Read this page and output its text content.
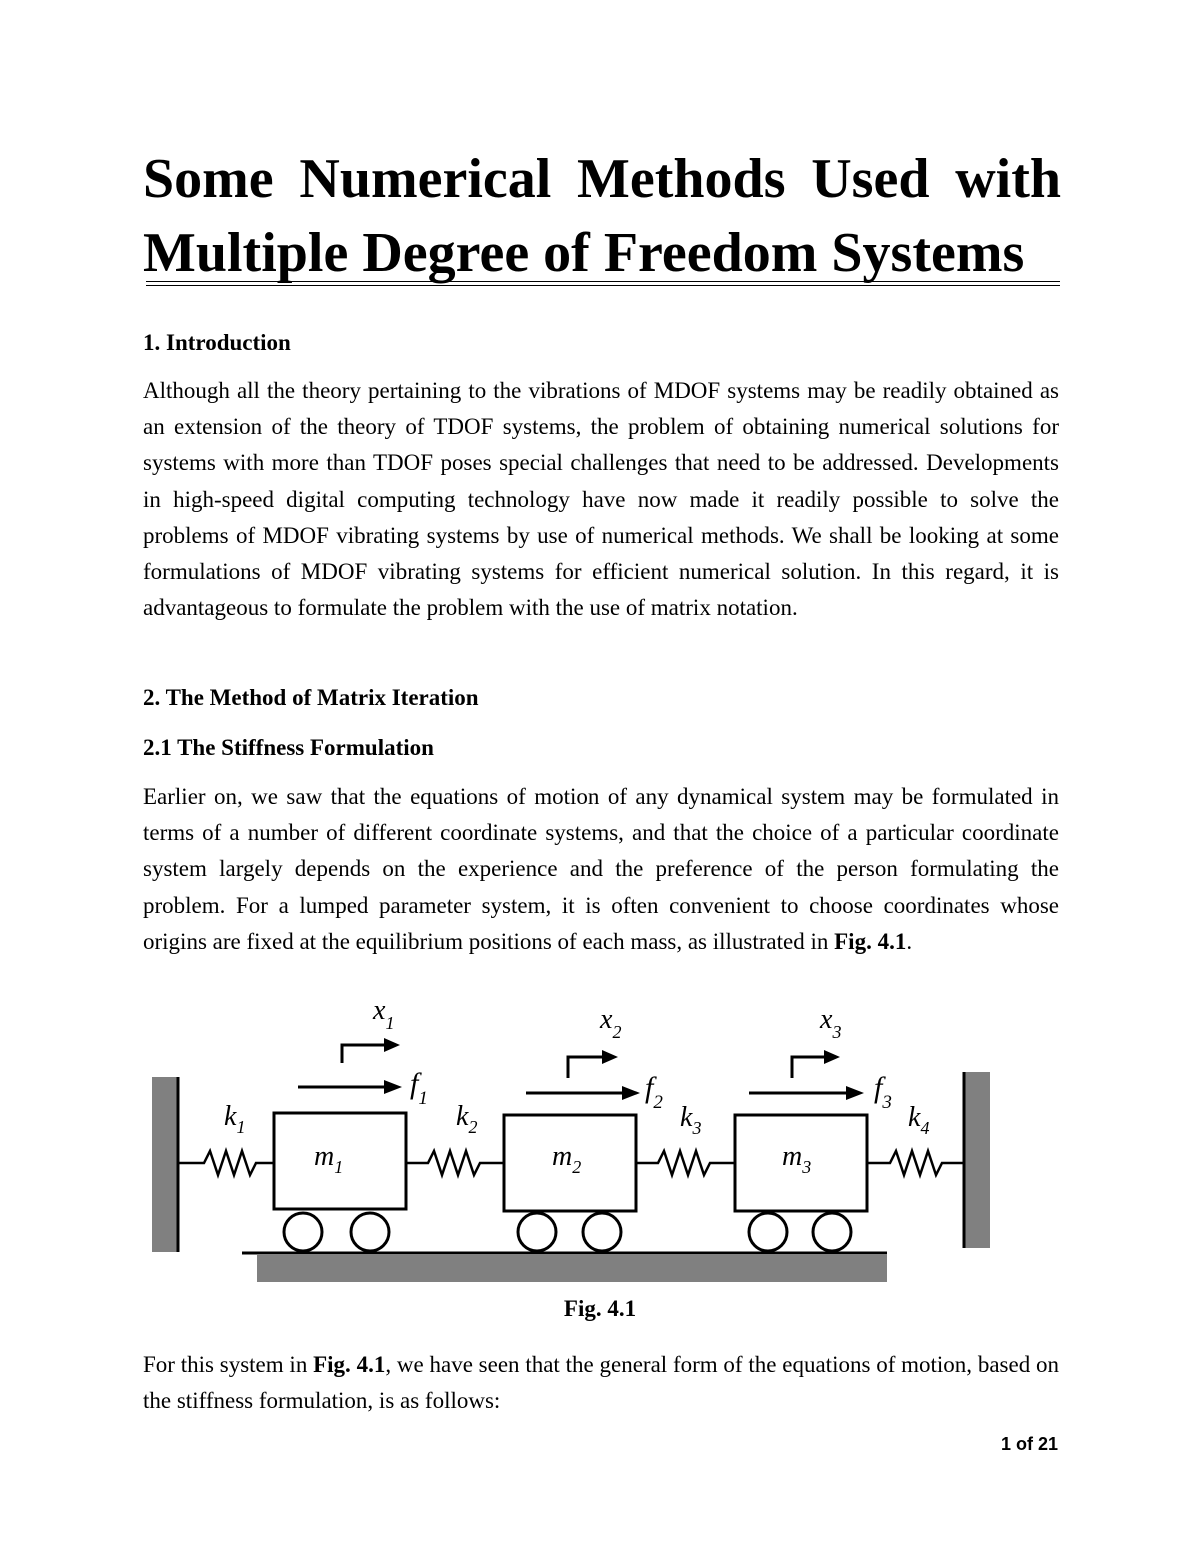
Some Numerical Methods Used with Multiple Degree of Freedom Systems
1. Introduction

Although all the theory pertaining to the vibrations of MDOF systems may be readily obtained as an extension of the theory of TDOF systems, the problem of obtaining numerical solutions for systems with more than TDOF poses special challenges that need to be addressed. Developments in high-speed digital computing technology have now made it readily possible to solve the problems of MDOF vibrating systems by use of numerical methods. We shall be looking at some formulations of MDOF vibrating systems for efficient numerical solution. In this regard, it is advantageous to formulate the problem with the use of matrix notation.

2. The Method of Matrix Iteration
2.1 The Stiffness Formulation

Earlier on, we saw that the equations of motion of any dynamical system may be formulated in terms of a number of different coordinate systems, and that the choice of a particular coordinate system largely depends on the experience and the preference of the person formulating the problem. For a lumped parameter system, it is often convenient to choose coordinates whose origins are fixed at the equilibrium positions of each mass, as illustrated in Fig. 4.1.

$k_1$	$k_2$	$k_3$	$k_4$
$m_1$	$m_2$	$m_3$
$x_1$	$x_2$	$x_3$
$f_1$	$f_2$	$f_3$

Fig. 4.1

For this system in Fig. 4.1, we have seen that the general form of the equations of motion, based on the stiffness formulation, is as follows:

1 of 21
